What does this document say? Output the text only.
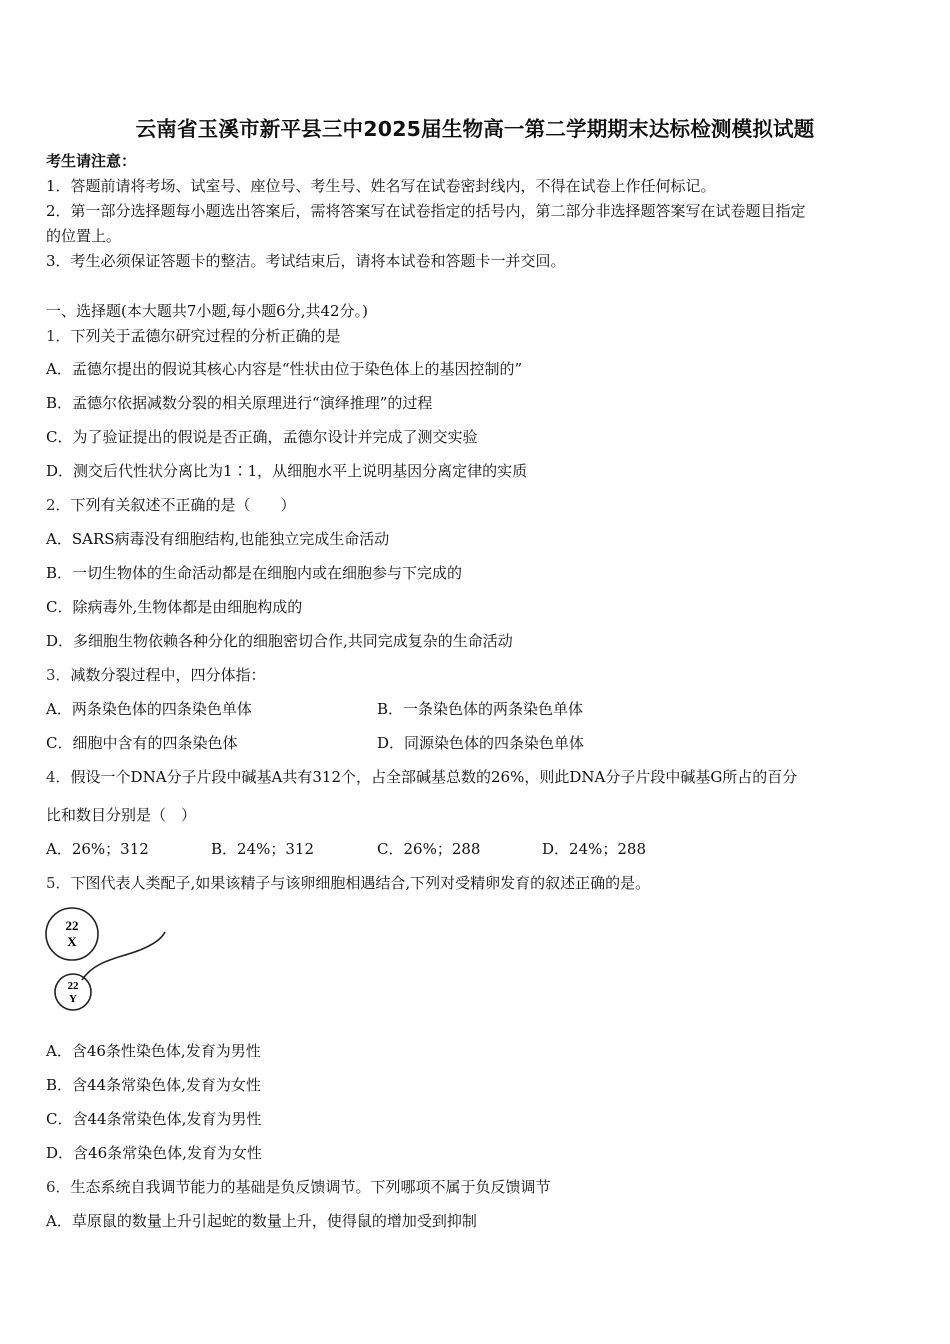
云南省玉溪市新平县三中2025届生物高一第二学期期末达标检测模拟试题
考生请注意：
1．答题前请将考场、试室号、座位号、考生号、姓名写在试卷密封线内，不得在试卷上作任何标记。
2．第一部分选择题每小题选出答案后，需将答案写在试卷指定的括号内，第二部分非选择题答案写在试卷题目指定
的位置上。
3．考生必须保证答题卡的整洁。考试结束后，请将本试卷和答题卡一并交回。
一、选择题(本大题共7小题,每小题6分,共42分。)
1．下列关于孟德尔研究过程的分析正确的是
A．孟德尔提出的假说其核心内容是“性状由位于染色体上的基因控制的”
B．孟德尔依据减数分裂的相关原理进行“演绎推理”的过程
C．为了验证提出的假说是否正确，孟德尔设计并完成了测交实验
D．测交后代性状分离比为1∶1，从细胞水平上说明基因分离定律的实质
2．下列有关叙述不正确的是（　　）
A．SARS病毒没有细胞结构,也能独立完成生命活动
B．一切生物体的生命活动都是在细胞内或在细胞参与下完成的
C．除病毒外,生物体都是由细胞构成的
D．多细胞生物依赖各种分化的细胞密切合作,共同完成复杂的生命活动
3．减数分裂过程中，四分体指：
A．两条染色体的四条染色单体	B．一条染色体的两条染色单体
C．细胞中含有的四条染色体	D．同源染色体的四条染色单体
4．假设一个DNA分子片段中碱基A共有312个，占全部碱基总数的26%，则此DNA分子片段中碱基G所占的百分
比和数目分别是（　）
A．26%；312	B．24%；312	C．26%；288	D．24%；288
5．下图代表人类配子,如果该精子与该卵细胞相遇结合,下列对受精卵发育的叙述正确的是。
22
X
22
Y
A．含46条性染色体,发育为男性
B．含44条常染色体,发育为女性
C．含44条常染色体,发育为男性
D．含46条常染色体,发育为女性
6．生态系统自我调节能力的基础是负反馈调节。下列哪项不属于负反馈调节
A．草原鼠的数量上升引起蛇的数量上升，使得鼠的增加受到抑制
